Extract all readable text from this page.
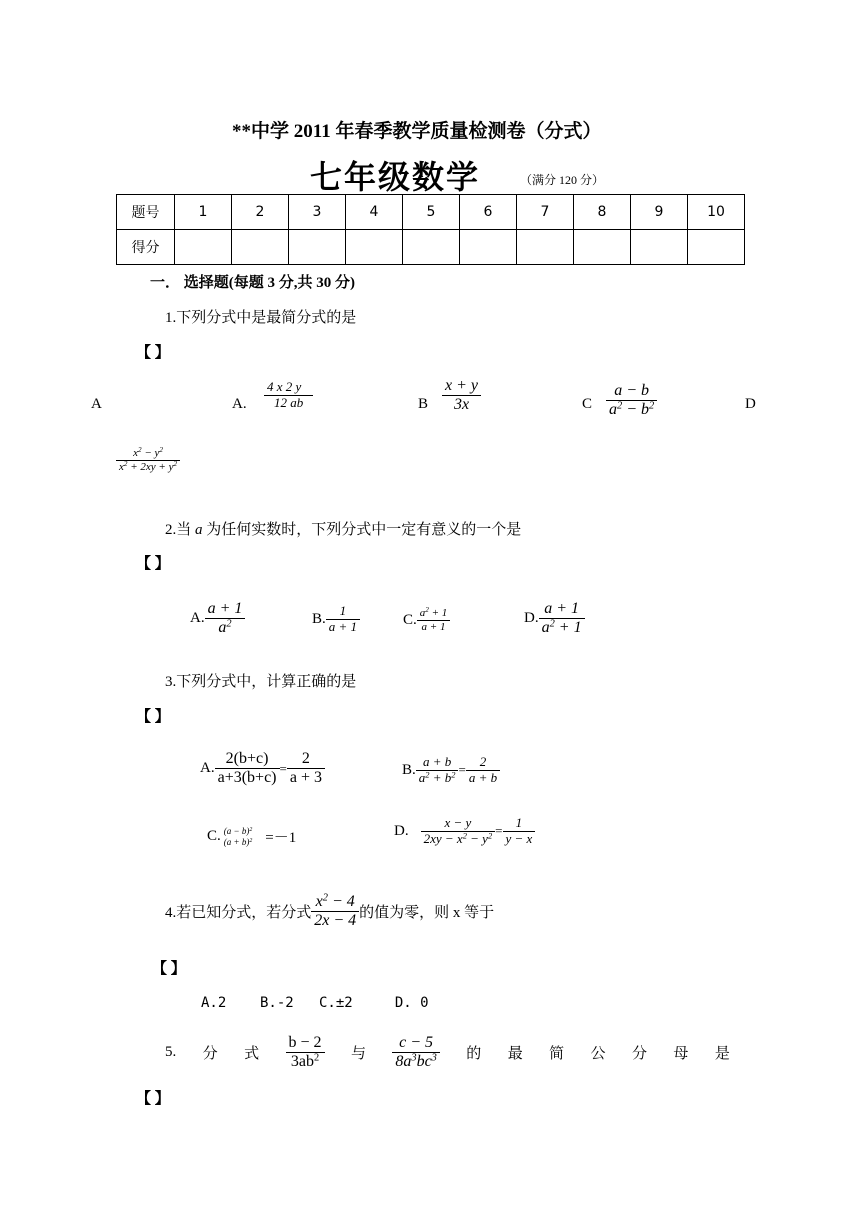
**中学 2011 年春季教学质量检测卷（分式）
七年级数学	（满分 120 分）
题号	1	2	3	4	5	6	7	8	9	10
得分										
一． 选择题(每题 3 分,共 30 分)
1.下列分式中是最简分式的是
【 】
A	A. $\frac{4 x 2 y}{12 ab}$	B $\frac{x + y}{3x}$	C $\frac{a - b}{a^2 - b^2}$	D
$\frac{x^2 - y^2}{x^2 + 2xy + y^2}$
2.当 a 为任何实数时，下列分式中一定有意义的一个是
【 】
A. $\frac{a + 1}{a^2}$	B. $\frac{1}{a + 1}$	C. $\frac{a^2 + 1}{a + 1}$	D. $\frac{a + 1}{a^2 + 1}$
3.下列分式中，计算正确的是
【 】
A. $\frac{2(b+c)}{a+3(b+c)} = \frac{2}{a + 3}$	B. $\frac{a + b}{a^2 + b^2} = \frac{2}{a + b}$
C. $(a - b)^2$
$(a + b)^2 =-1$	D. $\frac{x - y}{2xy - x^2 - y^2} = \frac{1}{y - x}$
4.若已知分式，若分式 $\frac{x^2 - 4}{2x - 4}$ 的值为零，则 x 等于
【 】
A.2    B.-2   C.±2     D. 0
5. 分 式 $\frac{b - 2}{3ab^2}$ 与 $\frac{c - 5}{8a^3bc^3}$ 的 最 简 公 分 母 是
【 】
